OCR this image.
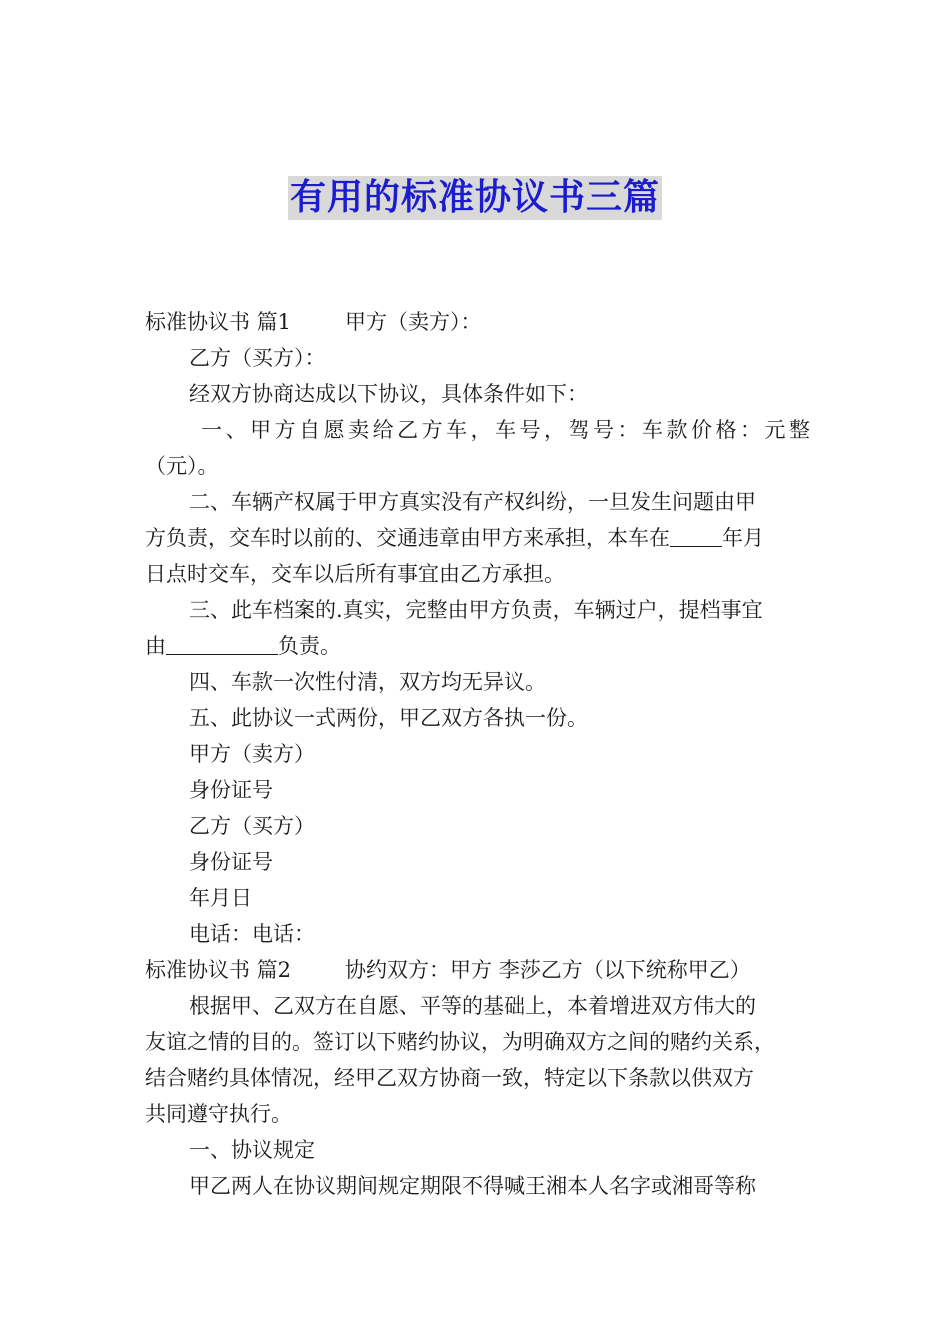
有用的标准协议书三篇
标准协议书 篇1	甲方（卖方）：
乙方（买方）：
经双方协商达成以下协议，具体条件如下：
一、甲方自愿卖给乙方车，车号，驾号：车款价格：元整
（元）。
二、车辆产权属于甲方真实没有产权纠纷，一旦发生问题由甲
方负责，交车时以前的、交通违章由甲方来承担，本车在 年月
日点时交车，交车以后所有事宜由乙方承担。
三、此车档案的.真实，完整由甲方负责，车辆过户，提档事宜
由	负责。
四、车款一次性付清，双方均无异议。
五、此协议一式两份，甲乙双方各执一份。
甲方（卖方）
身份证号
乙方（买方）
身份证号
年月日
电话：电话：
标准协议书 篇2	协约双方：甲方 李莎乙方（以下统称甲乙）
根据甲、乙双方在自愿、平等的基础上，本着增进双方伟大的
友谊之情的目的。签订以下赌约协议，为明确双方之间的赌约关系，
结合赌约具体情况，经甲乙双方协商一致，特定以下条款以供双方
共同遵守执行。
一、协议规定
甲乙两人在协议期间规定期限不得喊王湘本人名字或湘哥等称
